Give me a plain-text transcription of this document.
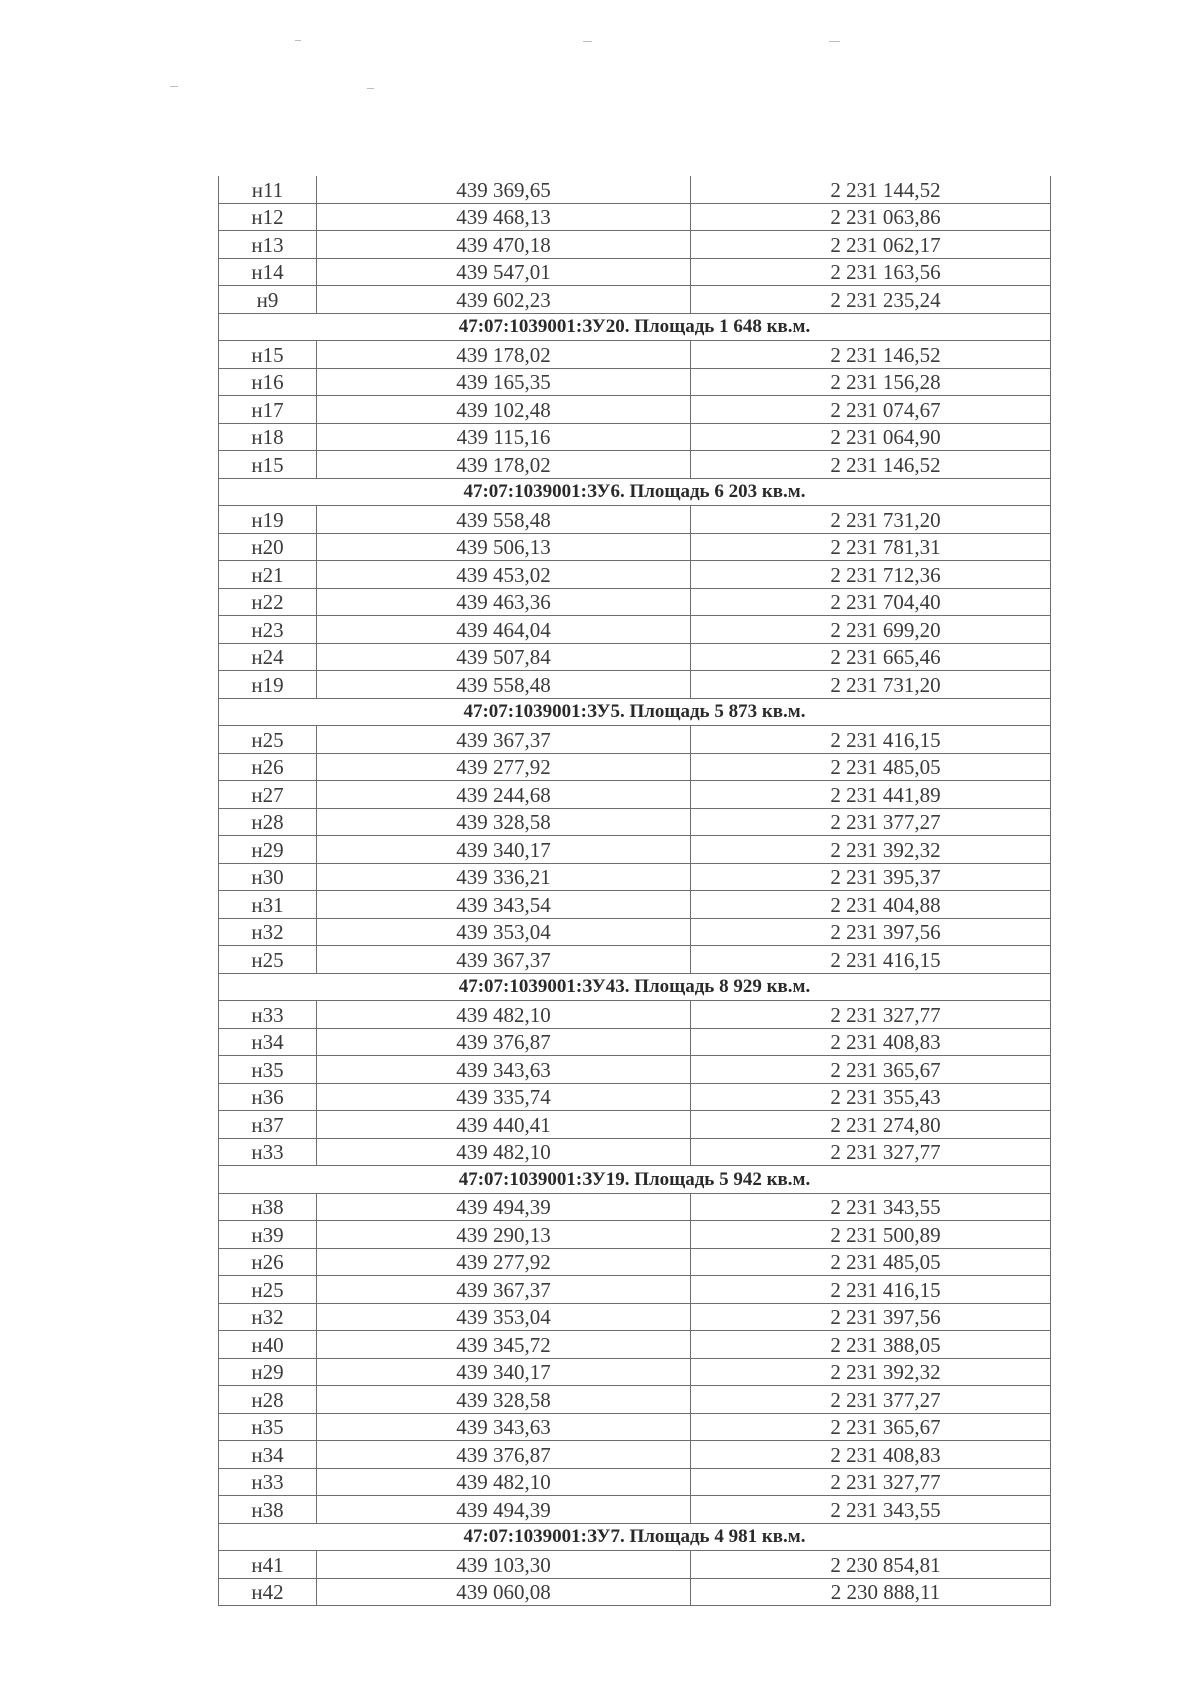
н11	439 369,65	2 231 144,52
н12	439 468,13	2 231 063,86
н13	439 470,18	2 231 062,17
н14	439 547,01	2 231 163,56
н9	439 602,23	2 231 235,24
47:07:1039001:ЗУ20. Площадь 1 648 кв.м.		
н15	439 178,02	2 231 146,52
н16	439 165,35	2 231 156,28
н17	439 102,48	2 231 074,67
н18	439 115,16	2 231 064,90
н15	439 178,02	2 231 146,52
47:07:1039001:ЗУ6. Площадь 6 203 кв.м.		
н19	439 558,48	2 231 731,20
н20	439 506,13	2 231 781,31
н21	439 453,02	2 231 712,36
н22	439 463,36	2 231 704,40
н23	439 464,04	2 231 699,20
н24	439 507,84	2 231 665,46
н19	439 558,48	2 231 731,20
47:07:1039001:ЗУ5. Площадь 5 873 кв.м.		
н25	439 367,37	2 231 416,15
н26	439 277,92	2 231 485,05
н27	439 244,68	2 231 441,89
н28	439 328,58	2 231 377,27
н29	439 340,17	2 231 392,32
н30	439 336,21	2 231 395,37
н31	439 343,54	2 231 404,88
н32	439 353,04	2 231 397,56
н25	439 367,37	2 231 416,15
47:07:1039001:ЗУ43. Площадь 8 929 кв.м.		
н33	439 482,10	2 231 327,77
н34	439 376,87	2 231 408,83
н35	439 343,63	2 231 365,67
н36	439 335,74	2 231 355,43
н37	439 440,41	2 231 274,80
н33	439 482,10	2 231 327,77
47:07:1039001:ЗУ19. Площадь 5 942 кв.м.		
н38	439 494,39	2 231 343,55
н39	439 290,13	2 231 500,89
н26	439 277,92	2 231 485,05
н25	439 367,37	2 231 416,15
н32	439 353,04	2 231 397,56
н40	439 345,72	2 231 388,05
н29	439 340,17	2 231 392,32
н28	439 328,58	2 231 377,27
н35	439 343,63	2 231 365,67
н34	439 376,87	2 231 408,83
н33	439 482,10	2 231 327,77
н38	439 494,39	2 231 343,55
47:07:1039001:ЗУ7. Площадь 4 981 кв.м.		
н41	439 103,30	2 230 854,81
н42	439 060,08	2 230 888,11
